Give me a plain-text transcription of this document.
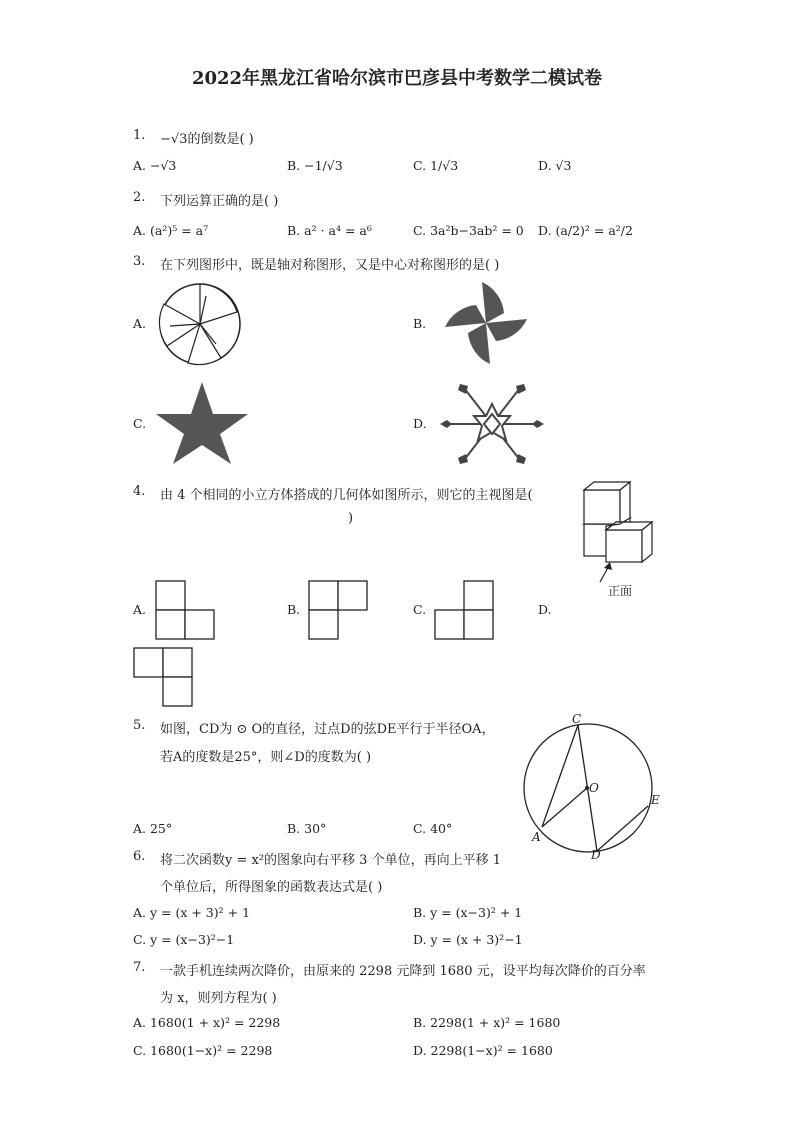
2022年黑龙江省哈尔滨市巴彦县中考数学二模试卷
1. −√3的倒数是( )
A. −√3	B. −1/√3	C. 1/√3	D. √3
2. 下列运算正确的是( )
A. (a²)⁵ = a⁷	B. a² · a⁴ = a⁶	C. 3a²b−3ab² = 0 D. (a/2)² = a²/2
3. 在下列图形中，既是轴对称图形，又是中心对称图形的是( )
A.	B.
C.	D.
4. 由 4 个相同的小立方体搭成的几何体如图所示，则它的主视图是(
)
正面
A.	B.	C.	D.
5. 如图，CD为 ⊙ O的直径，过点D的弦DE平行于半径OA，
若A的度数是25°，则∠D的度数为( )
C
O
E
A
D
A. 25°	B. 30°	C. 40°
6. 将二次函数y = x²的图象向右平移 3 个单位，再向上平移 1
个单位后，所得图象的函数表达式是( )
A. y = (x + 3)² + 1	B. y = (x−3)² + 1
C. y = (x−3)²−1	D. y = (x + 3)²−1
7. 一款手机连续两次降价，由原来的 2298 元降到 1680 元，设平均每次降价的百分率
为 x，则列方程为( )
A. 1680(1 + x)² = 2298	B. 2298(1 + x)² = 1680
C. 1680(1−x)² = 2298	D. 2298(1−x)² = 1680
